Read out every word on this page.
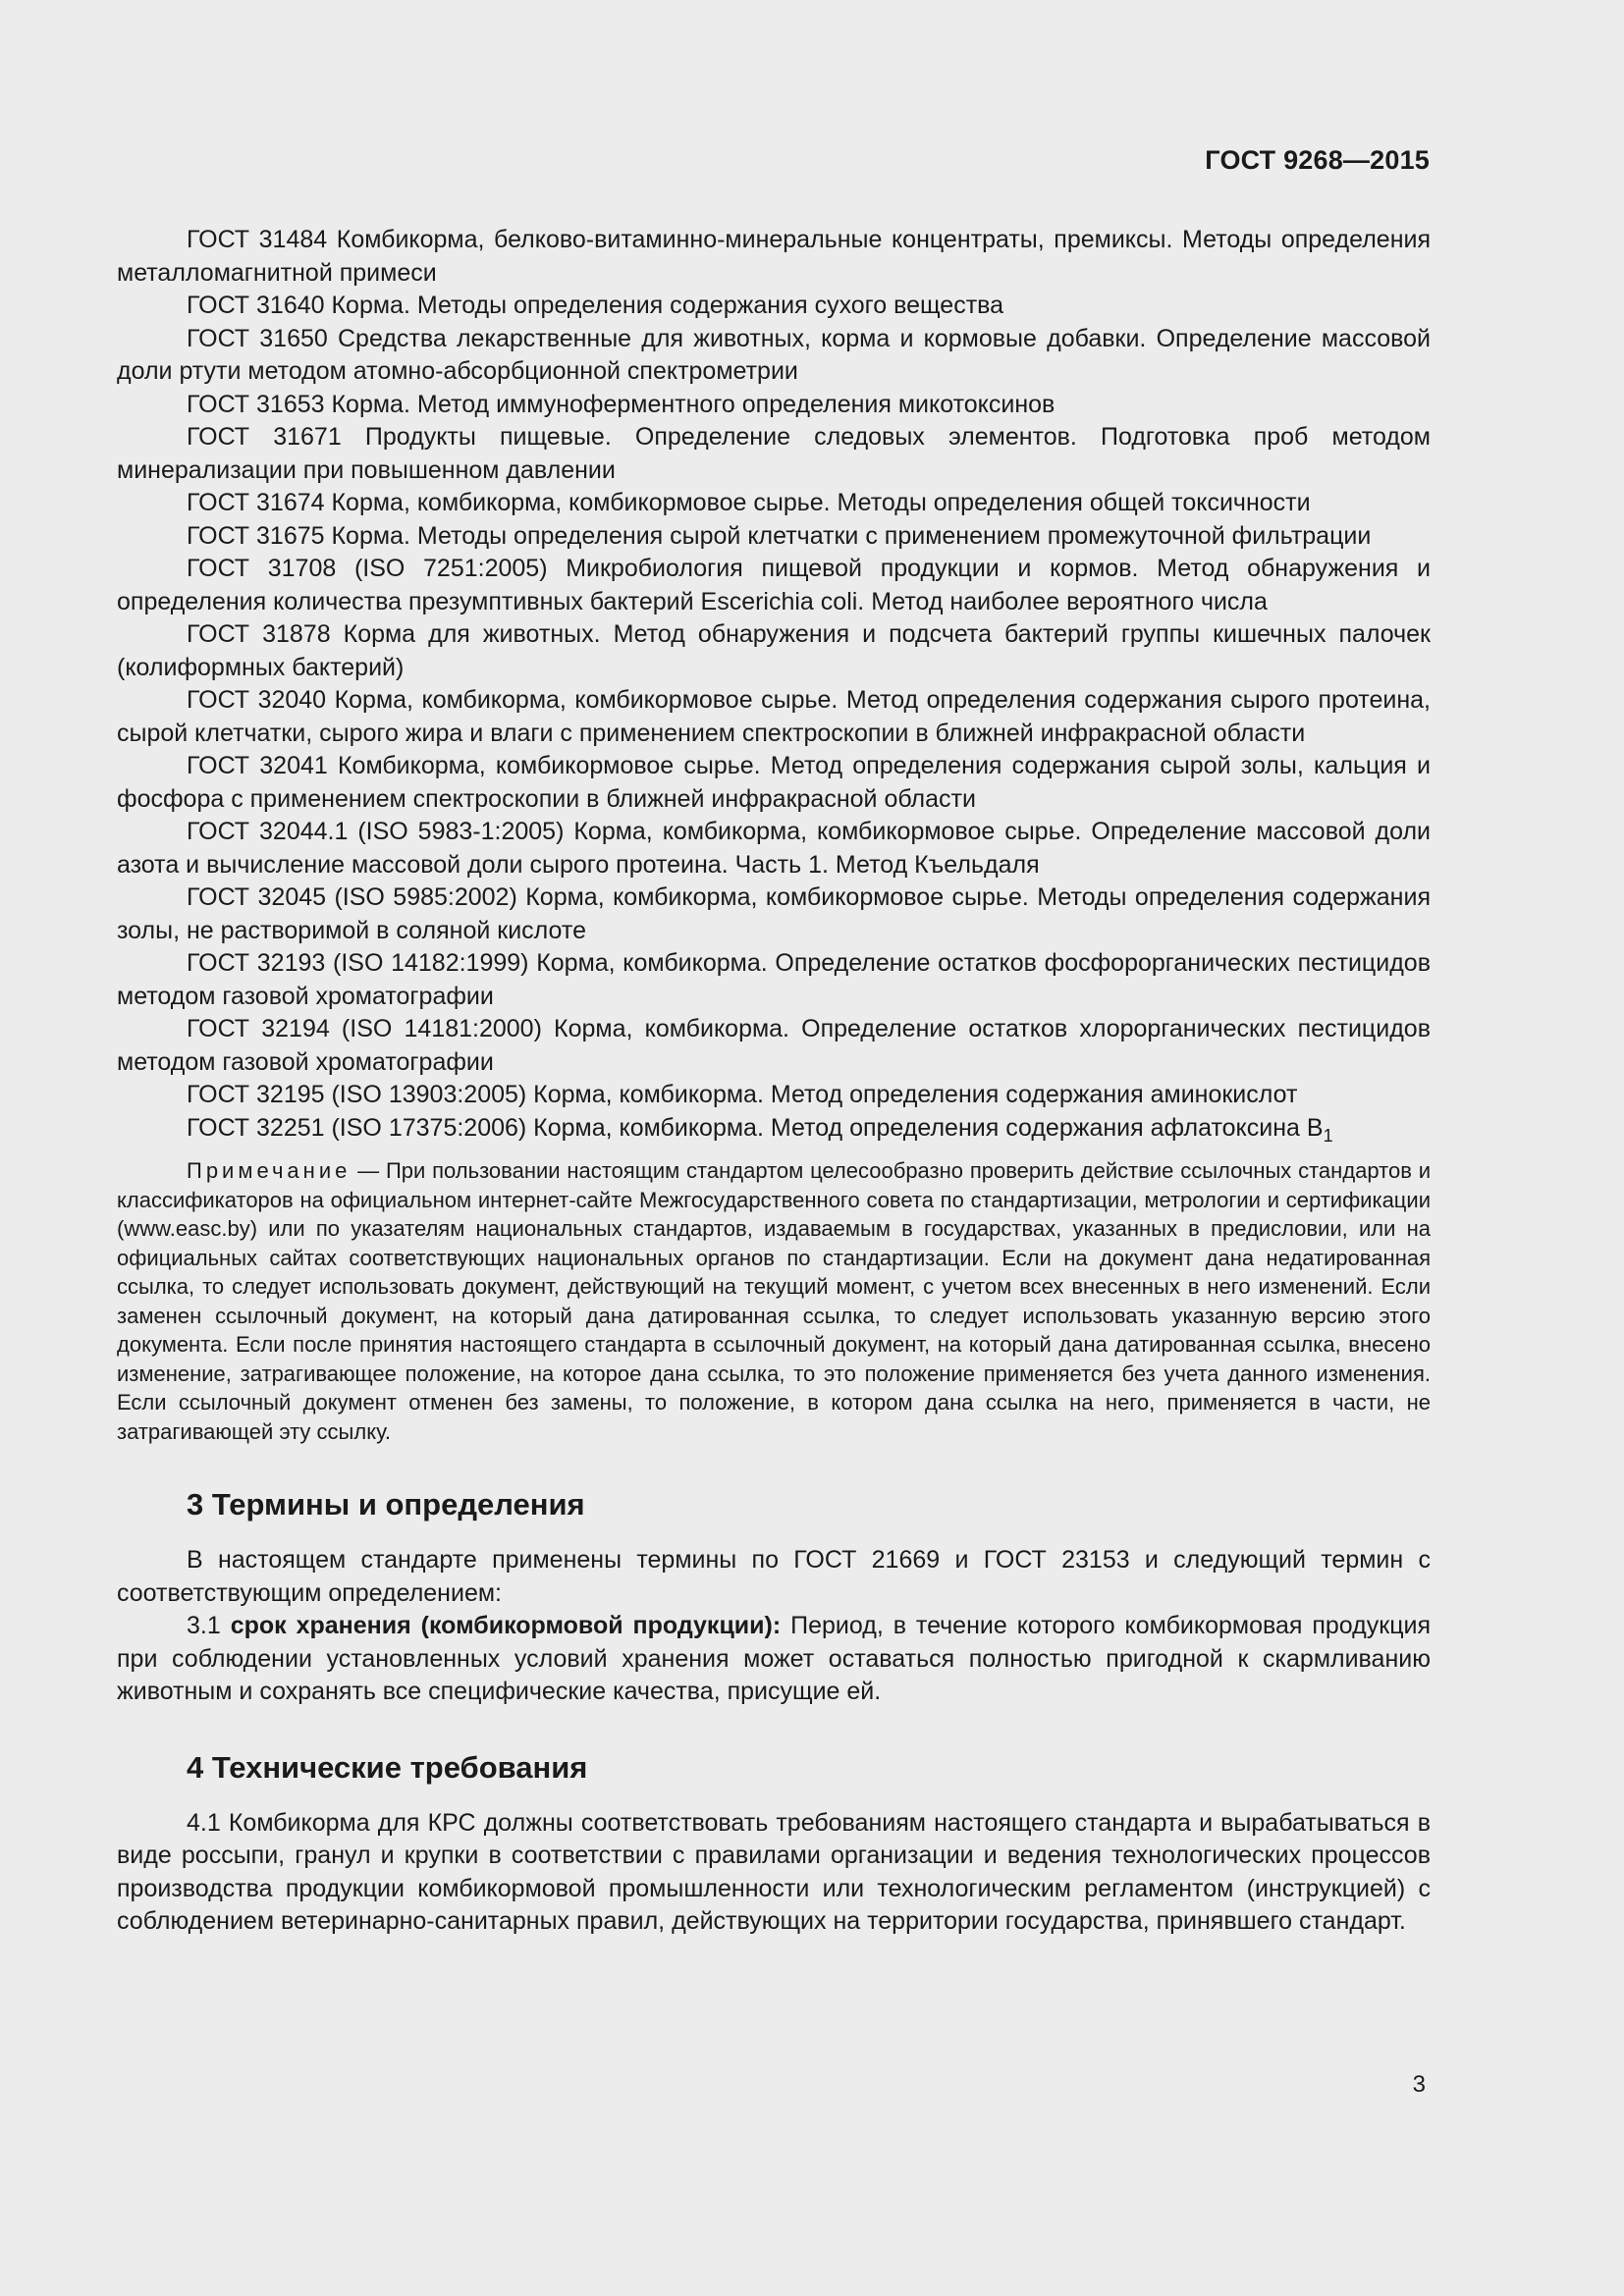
ГОСТ 9268—2015

ГОСТ 31484 Комбикорма, белково-витаминно-минеральные концентраты, премиксы. Методы определения металломагнитной примеси

ГОСТ 31640 Корма. Методы определения содержания сухого вещества

ГОСТ 31650 Средства лекарственные для животных, корма и кормовые добавки. Определение массовой доли ртути методом атомно-абсорбционной спектрометрии

ГОСТ 31653 Корма. Метод иммуноферментного определения микотоксинов

ГОСТ 31671 Продукты пищевые. Определение следовых элементов. Подготовка проб методом минерализации при повышенном давлении

ГОСТ 31674 Корма, комбикорма, комбикормовое сырье. Методы определения общей токсичности

ГОСТ 31675 Корма. Методы определения сырой клетчатки с применением промежуточной фильтрации

ГОСТ 31708 (ISO 7251:2005) Микробиология пищевой продукции и кормов. Метод обнаружения и определения количества презумптивных бактерий Escerichia coli. Метод наиболее вероятного числа

ГОСТ 31878 Корма для животных. Метод обнаружения и подсчета бактерий группы кишечных палочек (колиформных бактерий)

ГОСТ 32040 Корма, комбикорма, комбикормовое сырье. Метод определения содержания сырого протеина, сырой клетчатки, сырого жира и влаги с применением спектроскопии в ближней инфракрасной области

ГОСТ 32041 Комбикорма, комбикормовое сырье. Метод определения содержания сырой золы, кальция и фосфора с применением спектроскопии в ближней инфракрасной области

ГОСТ 32044.1 (ISO 5983-1:2005) Корма, комбикорма, комбикормовое сырье. Определение массовой доли азота и вычисление массовой доли сырого протеина. Часть 1. Метод Къельдаля

ГОСТ 32045 (ISO 5985:2002) Корма, комбикорма, комбикормовое сырье. Методы определения содержания золы, не растворимой в соляной кислоте

ГОСТ 32193 (ISO 14182:1999) Корма, комбикорма. Определение остатков фосфорорганических пестицидов методом газовой хроматографии

ГОСТ 32194 (ISO 14181:2000) Корма, комбикорма. Определение остатков хлорорганических пестицидов методом газовой хроматографии

ГОСТ 32195 (ISO 13903:2005) Корма, комбикорма. Метод определения содержания аминокислот

ГОСТ 32251 (ISO 17375:2006) Корма, комбикорма. Метод определения содержания афлатоксина $B_1$

Примечание — При пользовании настоящим стандартом целесообразно проверить действие ссылочных стандартов и классификаторов на официальном интернет-сайте Межгосударственного совета по стандартизации, метрологии и сертификации (www.easc.by) или по указателям национальных стандартов, издаваемым в государствах, указанных в предисловии, или на официальных сайтах соответствующих национальных органов по стандартизации. Если на документ дана недатированная ссылка, то следует использовать документ, действующий на текущий момент, с учетом всех внесенных в него изменений. Если заменен ссылочный документ, на который дана датированная ссылка, то следует использовать указанную версию этого документа. Если после принятия настоящего стандарта в ссылочный документ, на который дана датированная ссылка, внесено изменение, затрагивающее положение, на которое дана ссылка, то это положение применяется без учета данного изменения. Если ссылочный документ отменен без замены, то положение, в котором дана ссылка на него, применяется в части, не затрагивающей эту ссылку.
3 Термины и определения

В настоящем стандарте применены термины по ГОСТ 21669 и ГОСТ 23153 и следующий термин с соответствующим определением:

3.1 срок хранения (комбикормовой продукции): Период, в течение которого комбикормовая продукция при соблюдении установленных условий хранения может оставаться полностью пригодной к скармливанию животным и сохранять все специфические качества, присущие ей.

4 Технические требования

4.1 Комбикорма для КРС должны соответствовать требованиям настоящего стандарта и вырабатываться в виде россыпи, гранул и крупки в соответствии с правилами организации и ведения технологических процессов производства продукции комбикормовой промышленности или технологическим регламентом (инструкцией) с соблюдением ветеринарно-санитарных правил, действующих на территории государства, принявшего стандарт.

3
